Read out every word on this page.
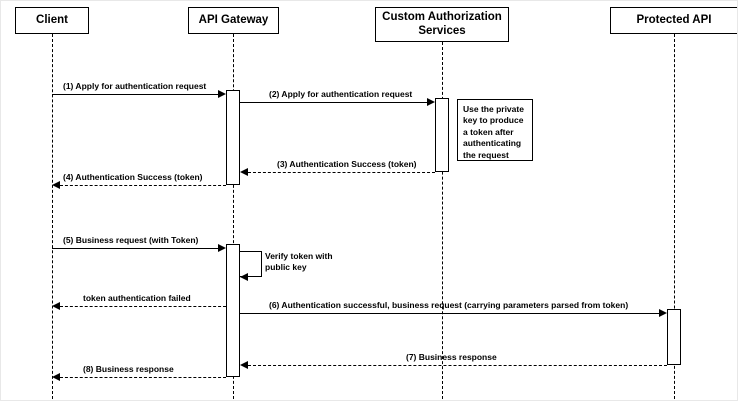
Client	API Gateway	Custom Authorization Services
Protected API
Use the private key to produce a token after authenticating the request
Verify token with public key
(1) Apply for authentication request
(2) Apply for authentication request
(3) Authentication Success (token)
(4) Authentication Success (token)
(5) Business request (with Token)
token authentication failed
(6) Authentication successful, business request (carrying parameters parsed from token)
(7) Business response
(8) Business response
